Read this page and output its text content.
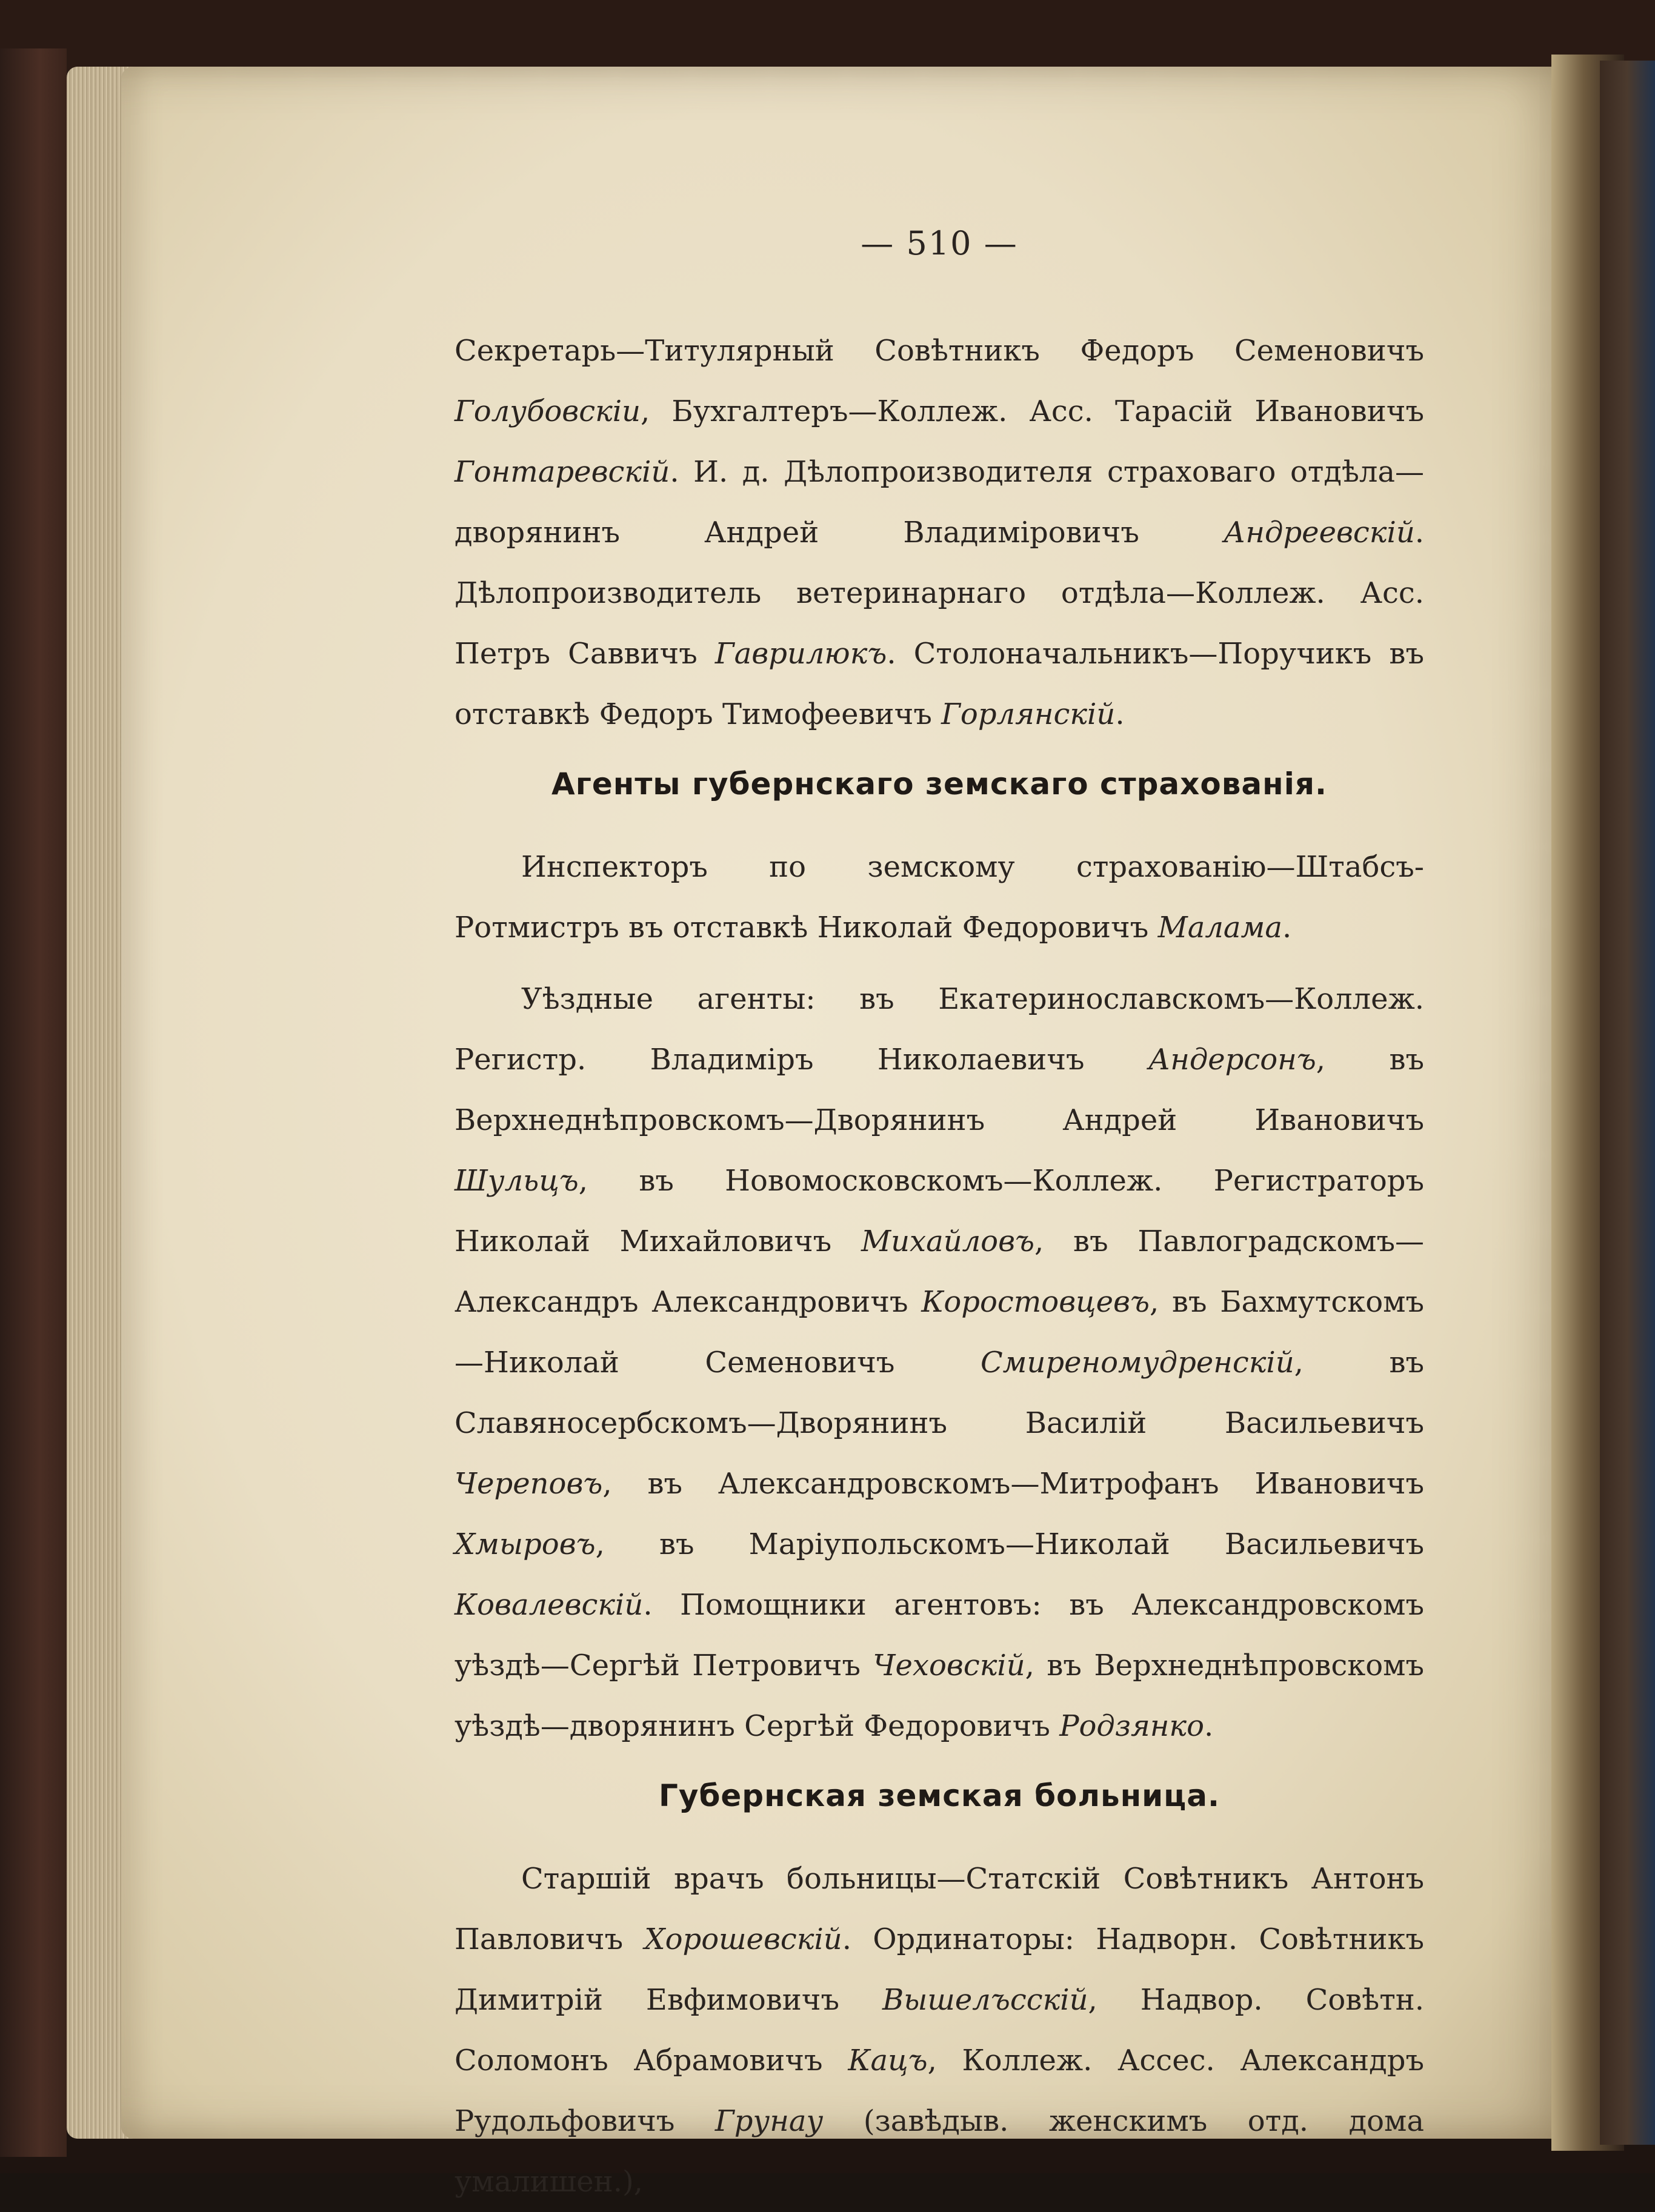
— 510 —

Секретарь—Титулярный Совѣтникъ Федоръ Семеновичъ Голубовскiи, Бухгалтеръ—Коллеж. Асс. Тарасій Ивановичъ Гонтаревскій. И. д. Дѣлопроизводителя страховаго отдѣла—дворянинъ Андрей Владимiровичъ Андреевскій. Дѣлопроизводитель ветеринарнаго отдѣла—Коллеж. Асс. Петръ Саввичъ Гаврилюкъ. Столоначальникъ—Поручикъ въ отставкѣ Федоръ Тимофеевичъ Горлянскій.

Агенты губернскаго земскаго страхованія.

Инспекторъ по земскому страхованію—Штабсъ-Ротмистръ въ отставкѣ Николай Федоровичъ Малама.

Уѣздные агенты: въ Екатеринославскомъ—Коллеж. Регистр. Владимiръ Николаевичъ Андерсонъ, въ Верхнеднѣпровскомъ—Дворянинъ Андрей Ивановичъ Шульцъ, въ Новомосковскомъ—Коллеж. Регистраторъ Николай Михайловичъ Михайловъ, въ Павлоградскомъ—Александръ Александровичъ Коростовцевъ, въ Бахмутскомъ—Николай Семеновичъ Смиреномудренскій, въ Славяносербскомъ—Дворянинъ Василій Васильевичъ Череповъ, въ Александровскомъ—Митрофанъ Ивановичъ Хмыровъ, въ Марiупольскомъ—Николай Васильевичъ Ковалевскій. Помощники агентовъ: въ Александровскомъ уѣздѣ—Сергѣй Петровичъ Чеховскій, въ Верхнеднѣпровскомъ уѣздѣ—дворянинъ Сергѣй Федоровичъ Родзянко.

Губернская земская больница.

Старшій врачъ больницы—Статскій Совѣтникъ Антонъ Павловичъ Хорошевскій. Ординаторы: Надворн. Совѣтникъ Димитрій Евфимовичъ Вышелъсскій, Надвор. Совѣтн. Соломонъ Абрамовичъ Кацъ, Коллеж. Ассес. Александръ Рудольфовичъ Грунау (завѣдыв. женскимъ отд. дома умалишен.),
